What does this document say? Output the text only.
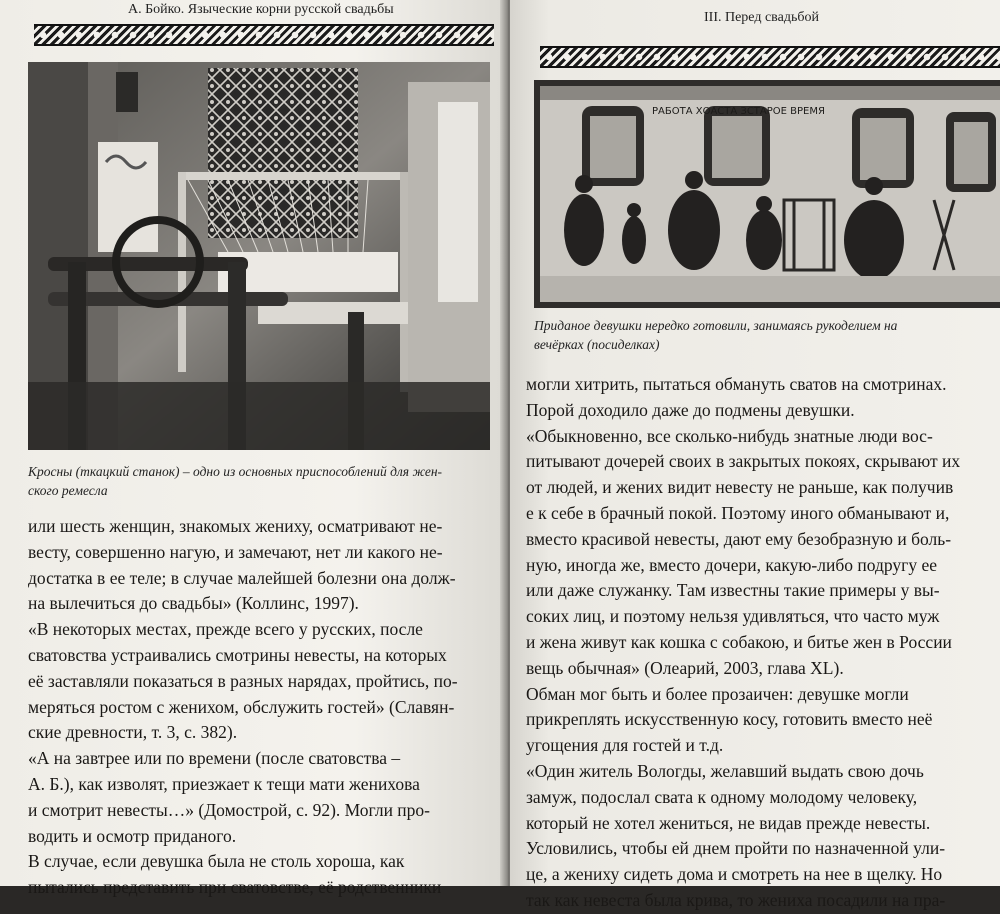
А. Бойко. Языческие корни русской свадьбы
Кросны (ткацкий станок) – одно из основных приспособлений для жен-
ского ремесла
или шесть женщин, знакомых жениху, осматривают не-
весту, совершенно нагую, и замечают, нет ли какого не-
достатка в ее теле; в случае малейшей болезни она долж-
на вылечиться до свадьбы» (Коллинс, 1997).
«В некоторых местах, прежде всего у русских, после
сватовства устраивались смотрины невесты, на которых
её заставляли показаться в разных нарядах, пройтись, по-
меряться ростом с женихом, обслужить гостей» (Славян-
ские древности, т. 3, с. 382).
«А на завтрее или по времени (после сватовства –
А. Б.), как изволят, приезжает к тещи мати женихова
и смотрит невесты…» (Домострой, с. 92). Могли про-
водить и осмотр приданого.
В случае, если девушка была не столь хороша, как
пытались представить при сватовстве, её родственники
III. Перед свадьбой
РАБОТА ХОАСТА ЗСТАРОЕ ВРЕМЯ
Приданое девушки нередко готовили, занимаясь рукоделием на
вечёрках (посиделках)
могли хитрить, пытаться обмануть сватов на смотринах.
Порой доходило даже до подмены девушки.
«Обыкновенно, все сколько-нибудь знатные люди вос-
питывают дочерей своих в закрытых покоях, скрывают их
от людей, и жених видит невесту не раньше, как получив
е к себе в брачный покой. Поэтому иного обманывают и,
вместо красивой невесты, дают ему безобразную и боль-
ную, иногда же, вместо дочери, какую-либо подругу ее
или даже служанку. Там известны такие примеры у вы-
соких лиц, и поэтому нельзя удивляться, что часто муж
и жена живут как кошка с собакою, и битье жен в России
вещь обычная» (Олеарий, 2003, глава XL).
Обман мог быть и более прозаичен: девушке могли
прикреплять искусственную косу, готовить вместо неё
угощения для гостей и т.д.
«Один житель Вологды, желавший выдать свою дочь
замуж, подослал свата к одному молодому человеку,
который не хотел жениться, не видав прежде невесты.
Условились, чтобы ей днем пройти по назначенной ули-
це, а жениху сидеть дома и смотреть на нее в щелку. Но
так как невеста была крива, то жениха посадили на пра-
